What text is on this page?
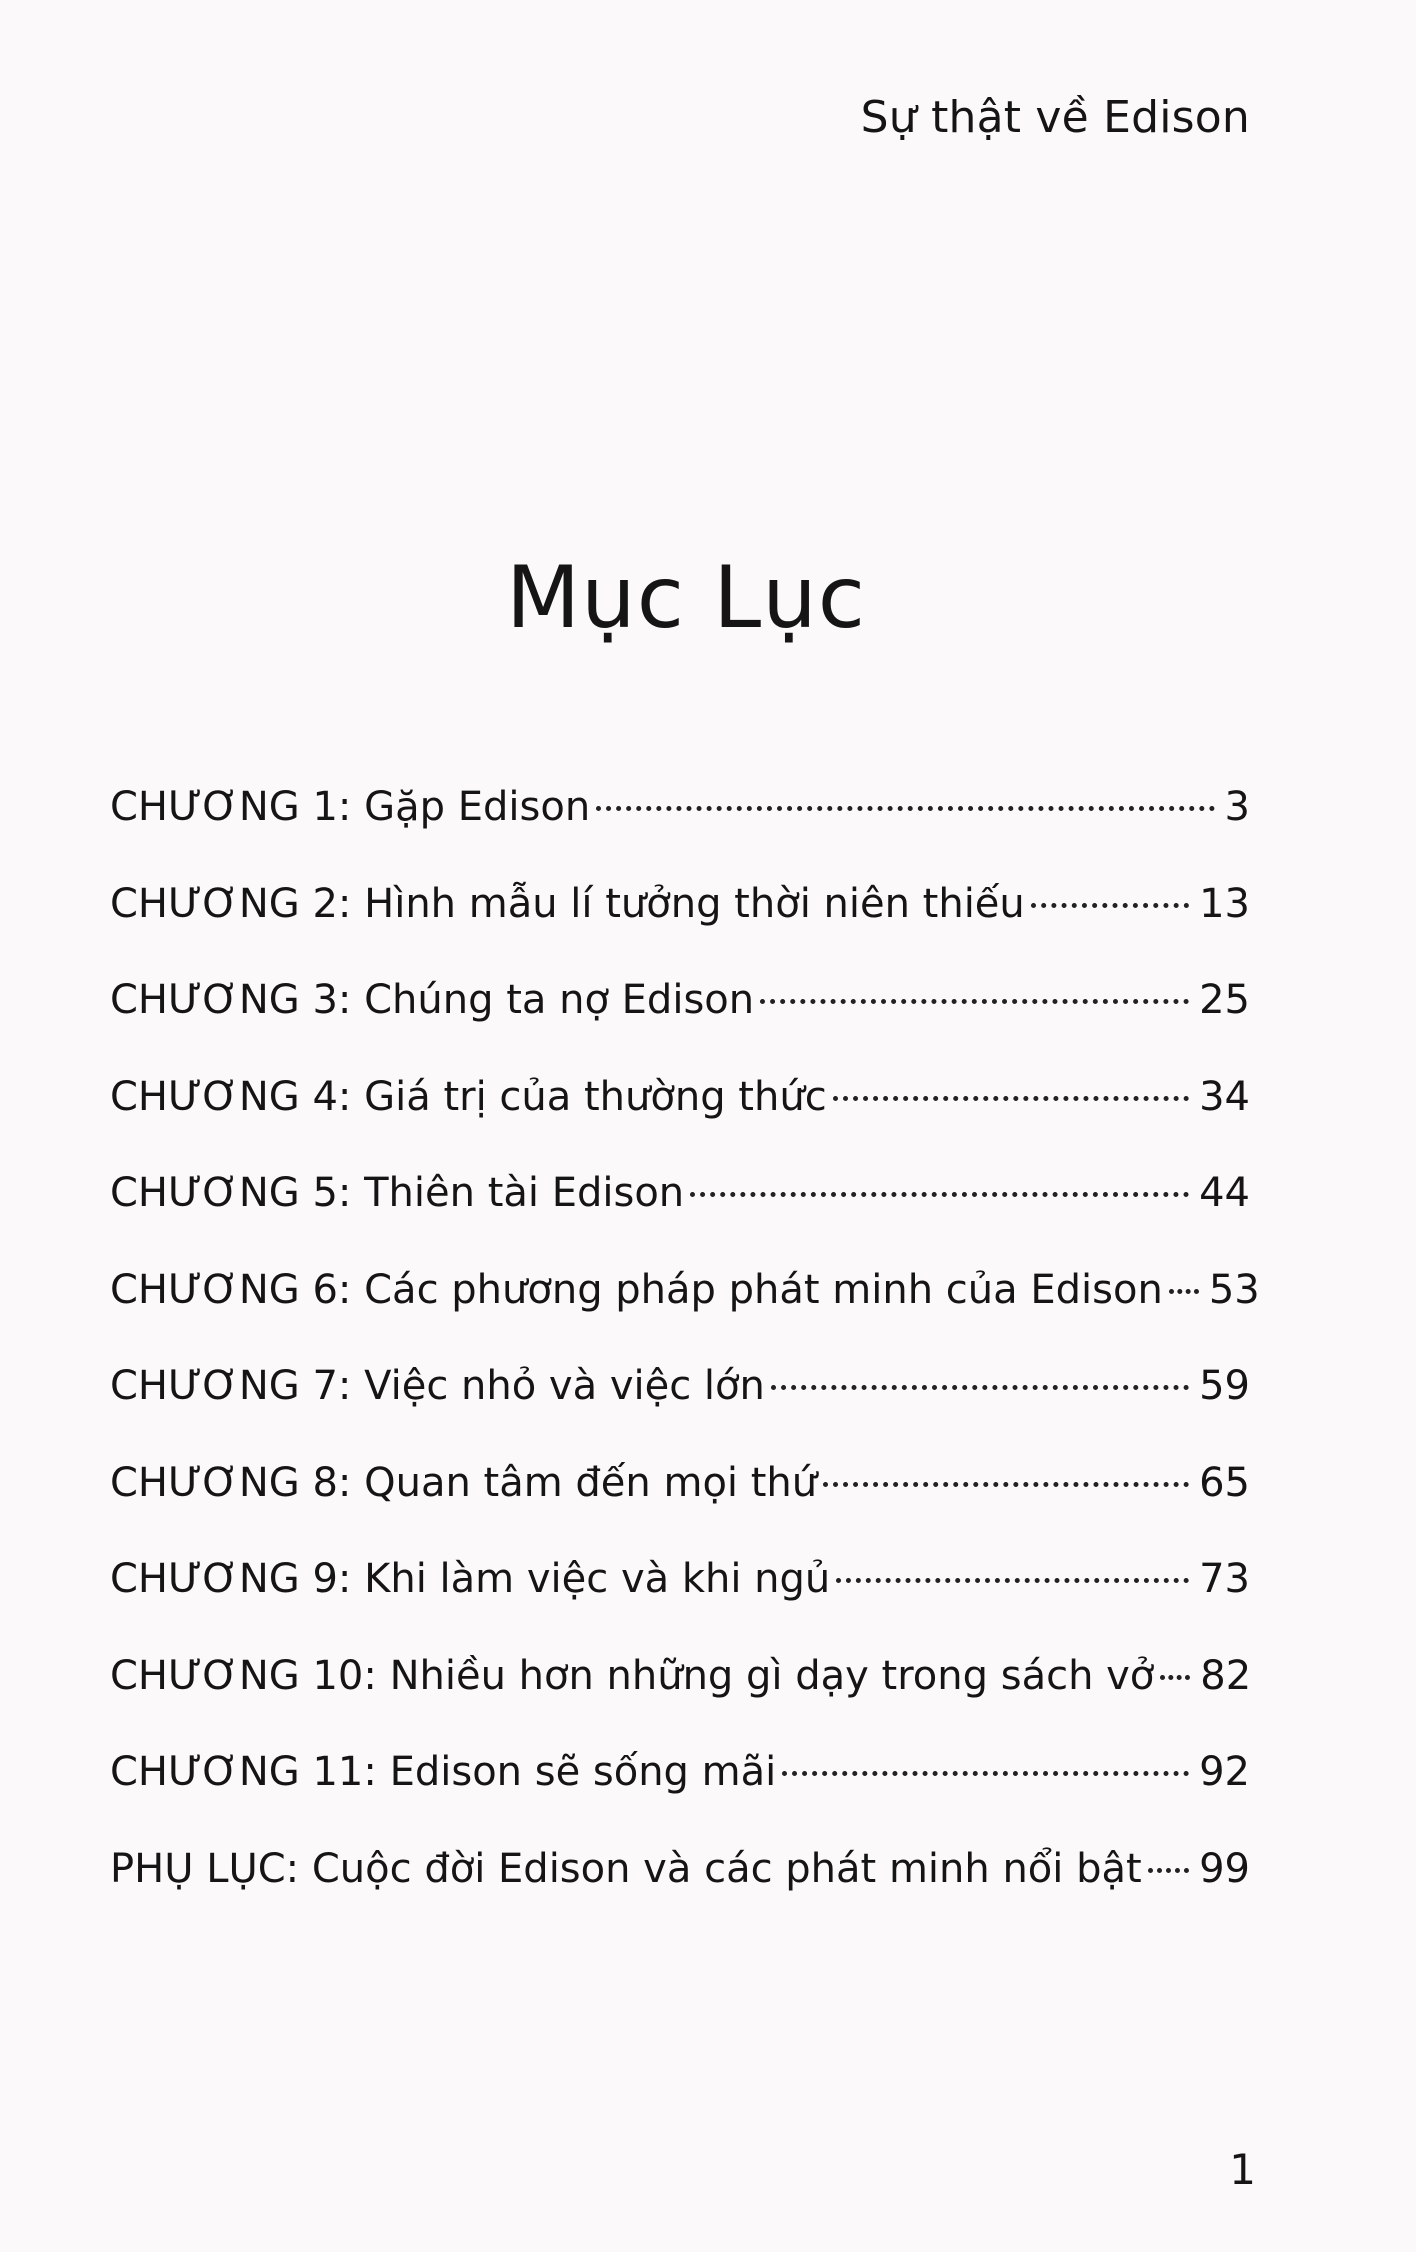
Sự thật về Edison
Mục Lục
CHƯƠNG 1: Gặp Edison	3
CHƯƠNG 2: Hình mẫu lí tưởng thời niên thiếu	13
CHƯƠNG 3: Chúng ta nợ Edison	25
CHƯƠNG 4: Giá trị của thường thức	34
CHƯƠNG 5: Thiên tài Edison	44
CHƯƠNG 6: Các phương pháp phát minh của Edison 53
CHƯƠNG 7: Việc nhỏ và việc lớn	59
CHƯƠNG 8: Quan tâm đến mọi thứ	65
CHƯƠNG 9: Khi làm việc và khi ngủ	73
CHƯƠNG 10: Nhiều hơn những gì dạy trong sách vở 82
CHƯƠNG 11: Edison sẽ sống mãi	92
PHỤ LỤC: Cuộc đời Edison và các phát minh nổi bật 99
1
